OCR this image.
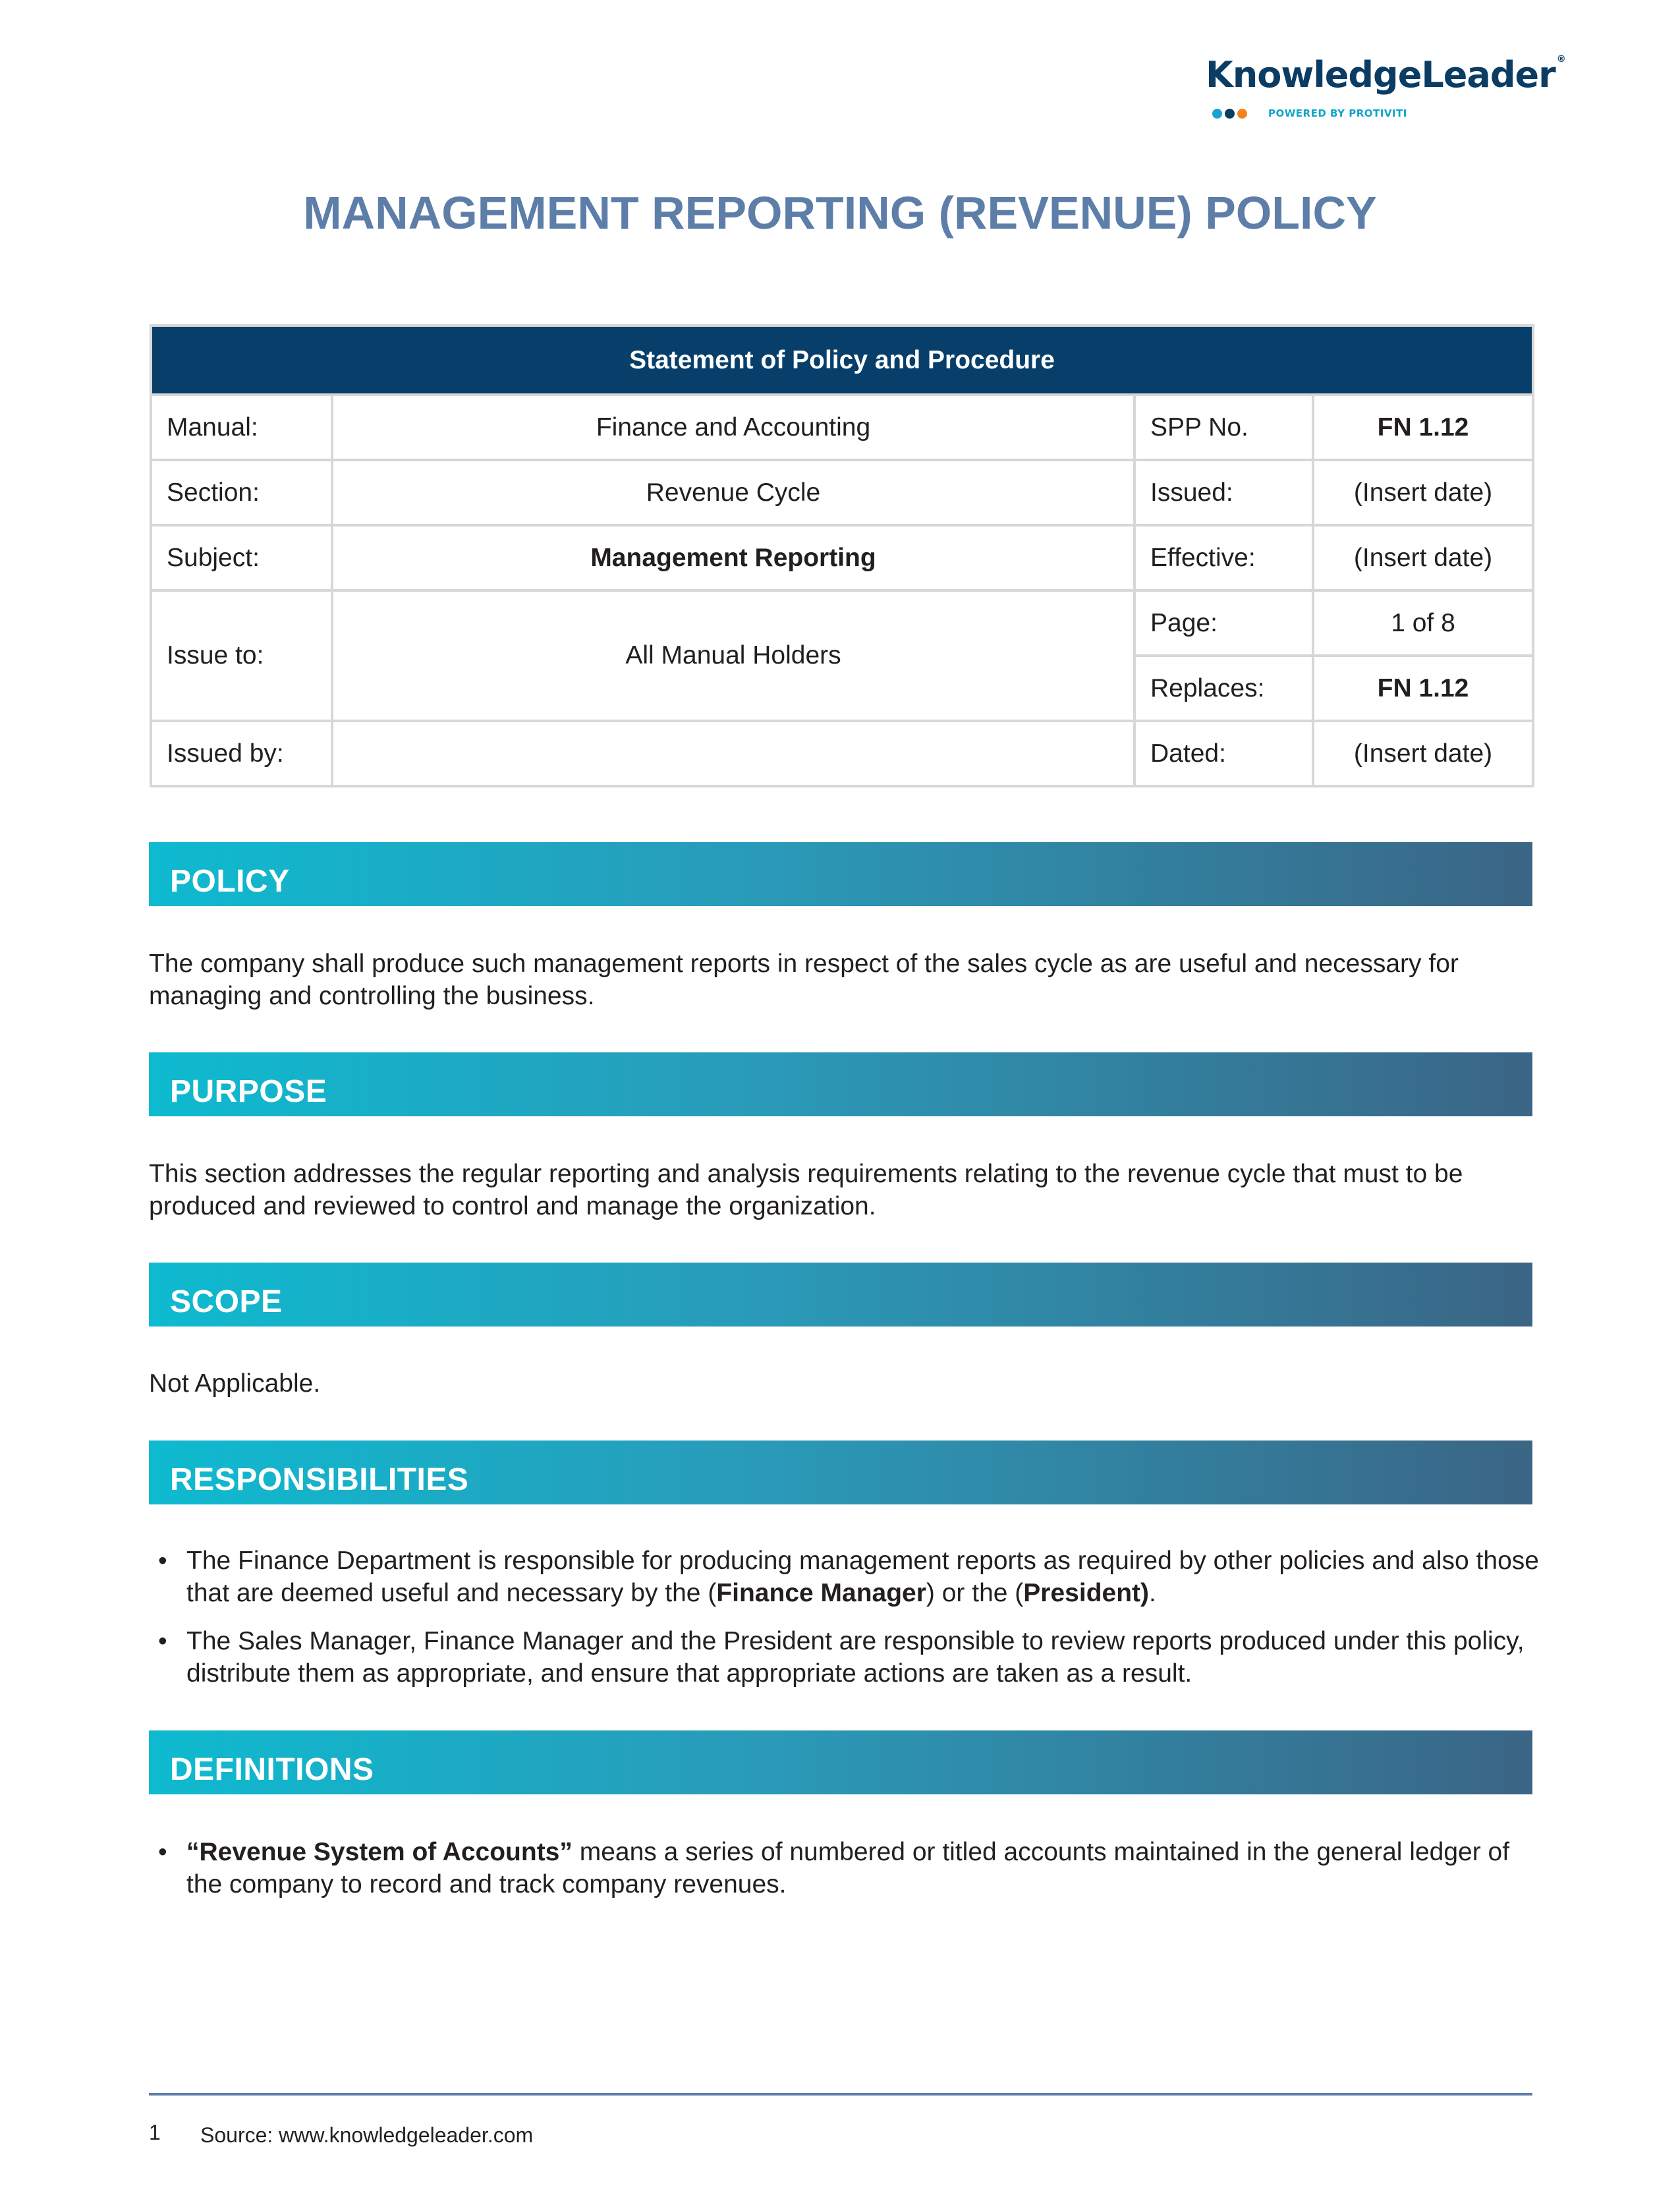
KnowledgeLeader ®
POWERED BY PROTIVITI
MANAGEMENT REPORTING (REVENUE) POLICY
Statement of Policy and Procedure			
Manual:	Finance and Accounting	SPP No.	FN 1.12
Section:	Revenue Cycle	Issued:	(Insert date)
Subject:	Management Reporting	Effective:	(Insert date)
Issue to:	All Manual Holders	Page:	1 of 8
		Replaces:	FN 1.12
Issued by:		Dated:	(Insert date)
POLICY

The company shall produce such management reports in respect of the sales cycle as are useful and necessary for managing and controlling the business.

PURPOSE

This section addresses the regular reporting and analysis requirements relating to the revenue cycle that must to be produced and reviewed to control and manage the organization.

SCOPE

Not Applicable.

RESPONSIBILITIES
• The Finance Department is responsible for producing management reports as required by other policies and also those that are deemed useful and necessary by the (Finance Manager) or the (President).
• The Sales Manager, Finance Manager and the President are responsible to review reports produced under this policy, distribute them as appropriate, and ensure that appropriate actions are taken as a result.
DEFINITIONS
• “Revenue System of Accounts” means a series of numbered or titled accounts maintained in the general ledger of the company to record and track company revenues.
1 Source: www.knowledgeleader.com
